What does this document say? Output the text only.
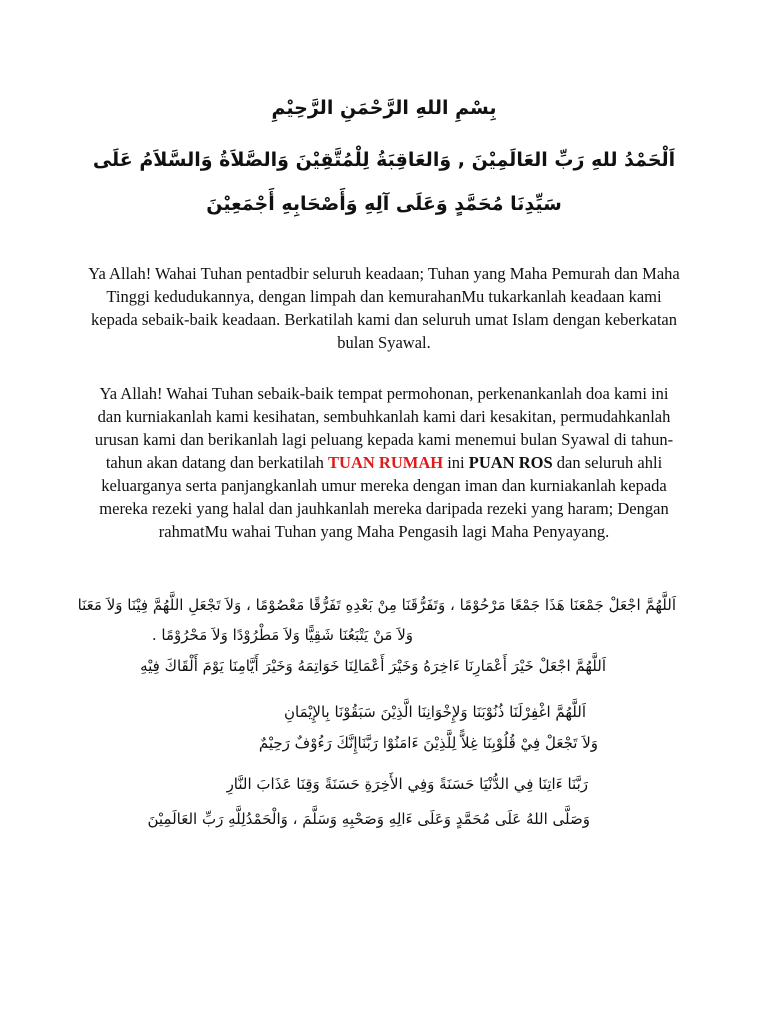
بِسْمِ اللهِ الرَّحْمَنِ الرَّحِيْمِ
اَلْحَمْدُ للهِ رَبِّ العَالَمِيْنَ , وَالعَاقِبَةُ لِلْمُتَّقِيْنَ وَالصَّلاَةُ وَالسَّلاَمُ عَلَى سَيِّدِنَا مُحَمَّدٍ وَعَلَى آلِهِ وَأَصْحَابِهِ أَجْمَعِيْنَ

Ya Allah! Wahai Tuhan pentadbir seluruh keadaan; Tuhan yang Maha Pemurah dan Maha Tinggi kedudukannya, dengan limpah dan kemurahanMu tukarkanlah keadaan kami kepada sebaik-baik keadaan. Berkatilah kami dan seluruh umat Islam dengan keberkatan bulan Syawal.

Ya Allah! Wahai Tuhan sebaik-baik tempat permohonan, perkenankanlah doa kami ini dan kurniakanlah kami kesihatan, sembuhkanlah kami dari kesakitan, permudahkanlah urusan kami dan berikanlah lagi peluang kepada kami menemui bulan Syawal di tahun-tahun akan datang dan berkatilah TUAN RUMAH ini PUAN ROS dan seluruh ahli keluarganya serta panjangkanlah umur mereka dengan iman dan kurniakanlah kepada mereka rezeki yang halal dan jauhkanlah mereka daripada rezeki yang haram; Dengan rahmatMu wahai Tuhan yang Maha Pengasih lagi Maha Penyayang.

اَللَّهُمَّ اجْعَلْ جَمْعَنَا هَذَا جَمْعًا مَرْحُوْمًا ، وَتَفَرُّقَنَا مِنْ بَعْدِهِ تَفَرُّقًا مَعْصُوْمًا ، وَلاَ تَجْعَلِ اللَّهُمَّ فِيْنَا وَلاَ مَعَنَا
وَلاَ مَنْ يَتْبَعُنَا شَقِيًّا وَلاَ مَطْرُوْدًا وَلاَ مَحْرُوْمًا .
اَللَّهُمَّ اجْعَلْ خَيْرَ أَعْمَارِنَا ءَاخِرَهُ وَخَيْرَ أَعْمَالِنَا خَوَاتِمَهُ وَخَيْرَ أَيَّامِنَا يَوْمَ أَلْقَاكَ فِيْهِ
اَللَّهُمَّ اغْفِرْلَنَا ذُنُوْبَنَا وَلإِخْوَانِنَا الَّذِيْنَ سَبَقُوْنَا بِالإِيْمَانِ
وَلاَ تَجْعَلْ فِيْ قُلُوْبِنَا غِلاًّ لِلَّذِيْنَ ءَامَنُوْا رَبَّنَاإِنَّكَ رَءُوْفٌ رَحِيْمٌ
رَبَّنَا ءَاتِنَا فِي الدُّنْيَا حَسَنَةً وَفِي الأَخِرَةِ حَسَنَةً وَقِنَا عَذَابَ النَّارِ
وَصَلَّى اللهُ عَلَى مُحَمَّدٍ وَعَلَى ءَالِهِ وَصَحْبِهِ وَسَلَّمَ ، وَالْحَمْدُلِلَّهِ رَبِّ العَالَمِيْنَ
